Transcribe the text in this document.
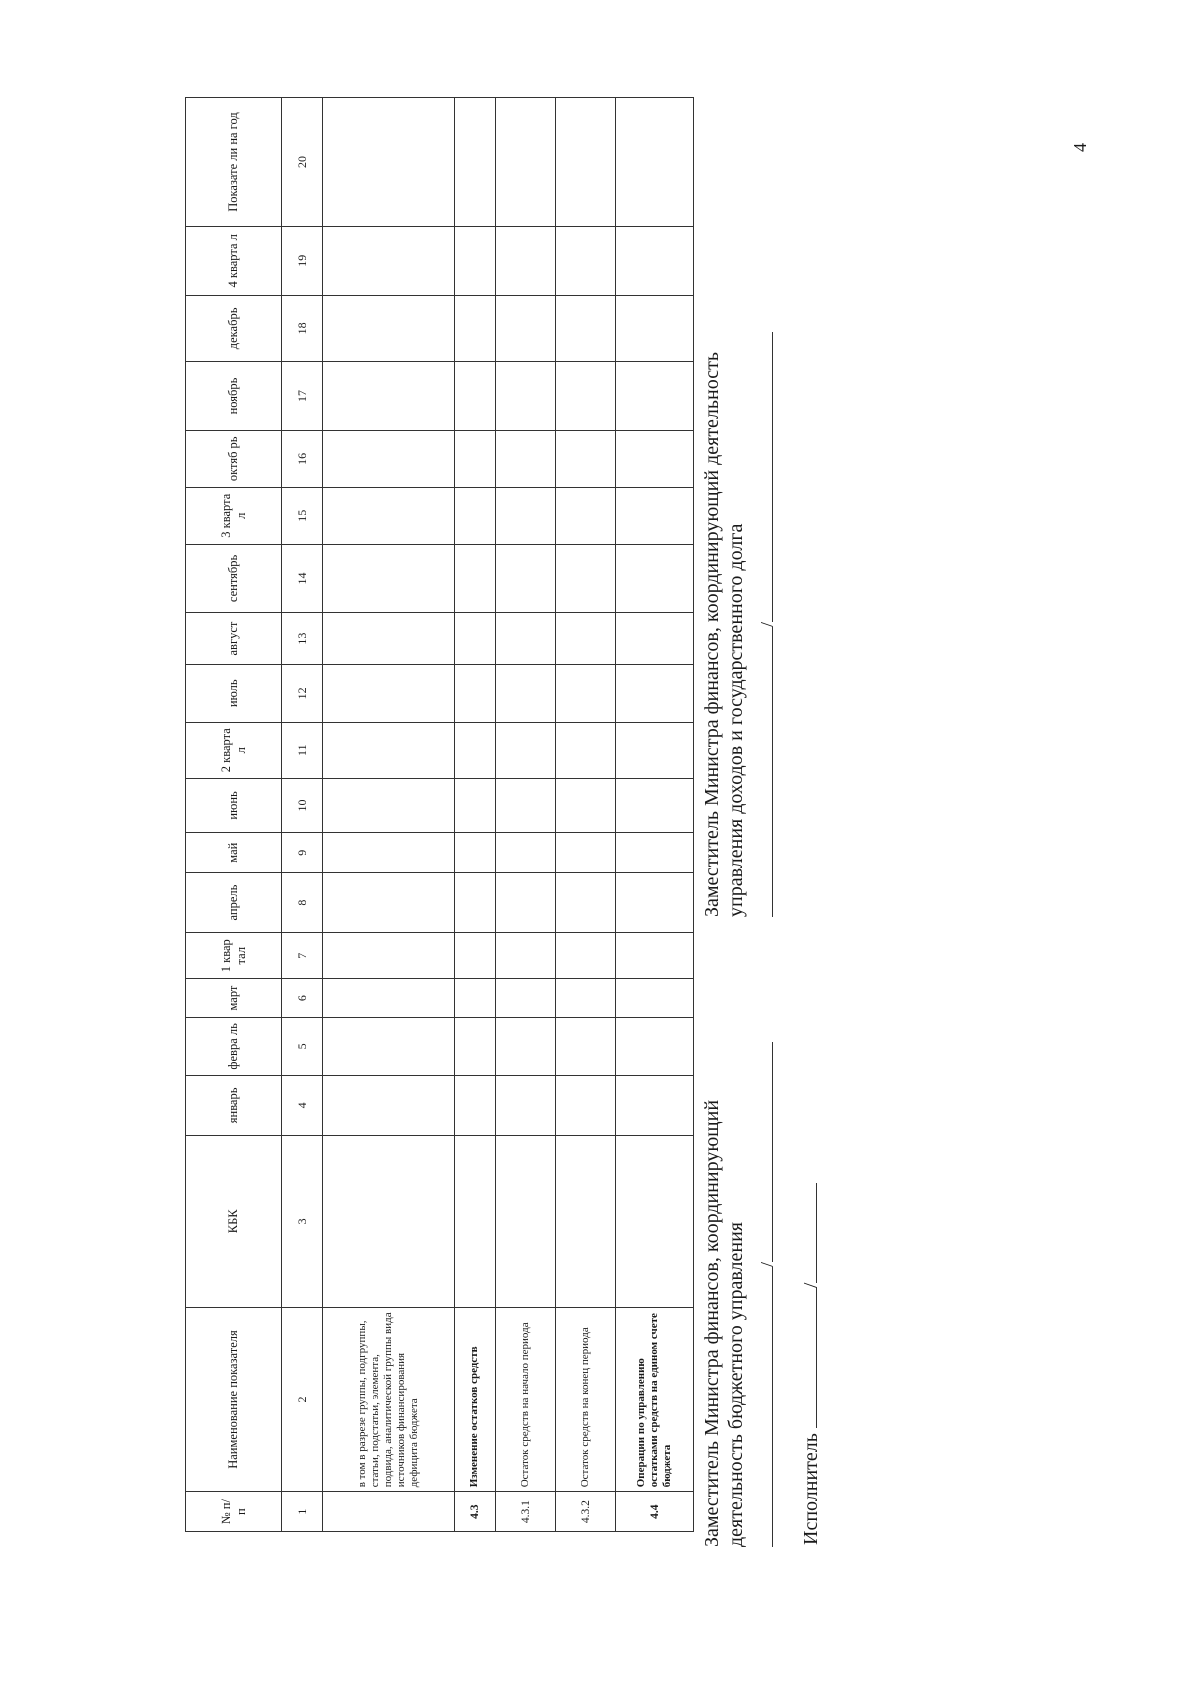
№ п/п	Наименование показателя	КБК	январь	февра ль	март	1 квар тал	апрель	май	июнь	2 кварта л	июль	август	сентябрь	3 кварта л	октяб рь	ноябрь	декабрь	4 кварта л	Показате ли на год
1	2	3	4	5	6	7	8	9	10	11	12	13	14	15	16	17	18	19	20
	в том в разрезе группы, подгруппы, статьи, подстатьи, элемента, подвида, аналитической группы вида источников финансирования дефицита бюджета																		
4.3	Изменение остатков средств																		
4.3.1	Остаток средств на начало периода																		
4.3.2	Остаток средств на конец периода																		
4.4	Операции по управлению остатками средств на едином счете бюджета																		Заместитель Министра финансов, координирующий деятельность бюджетного управления /
Заместитель Министра финансов, координирующий деятельность управления доходов и государственного долга /
Исполнитель /
4
